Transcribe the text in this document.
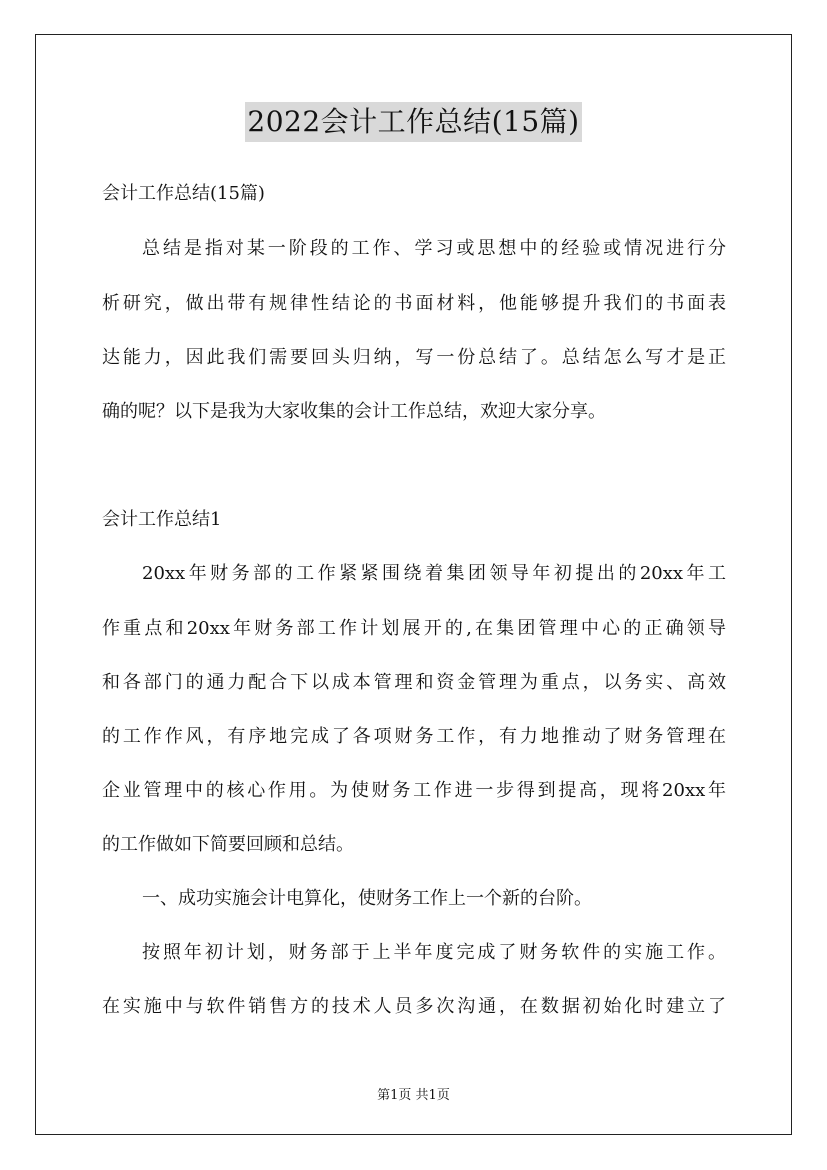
2022会计工作总结(15篇)
会计工作总结(15篇)
总结是指对某一阶段的工作、学习或思想中的经验或情况进行分
析研究，做出带有规律性结论的书面材料，他能够提升我们的书面表
达能力，因此我们需要回头归纳，写一份总结了。总结怎么写才是正
确的呢？以下是我为大家收集的会计工作总结，欢迎大家分享。
会计工作总结1
20xx年财务部的工作紧紧围绕着集团领导年初提出的20xx年工
作重点和20xx年财务部工作计划展开的,在集团管理中心的正确领导
和各部门的通力配合下以成本管理和资金管理为重点，以务实、高效
的工作作风，有序地完成了各项财务工作，有力地推动了财务管理在
企业管理中的核心作用。为使财务工作进一步得到提高，现将20xx年
的工作做如下简要回顾和总结。
一、成功实施会计电算化，使财务工作上一个新的台阶。
按照年初计划，财务部于上半年度完成了财务软件的实施工作。
在实施中与软件销售方的技术人员多次沟通，在数据初始化时建立了
第1页 共1页
